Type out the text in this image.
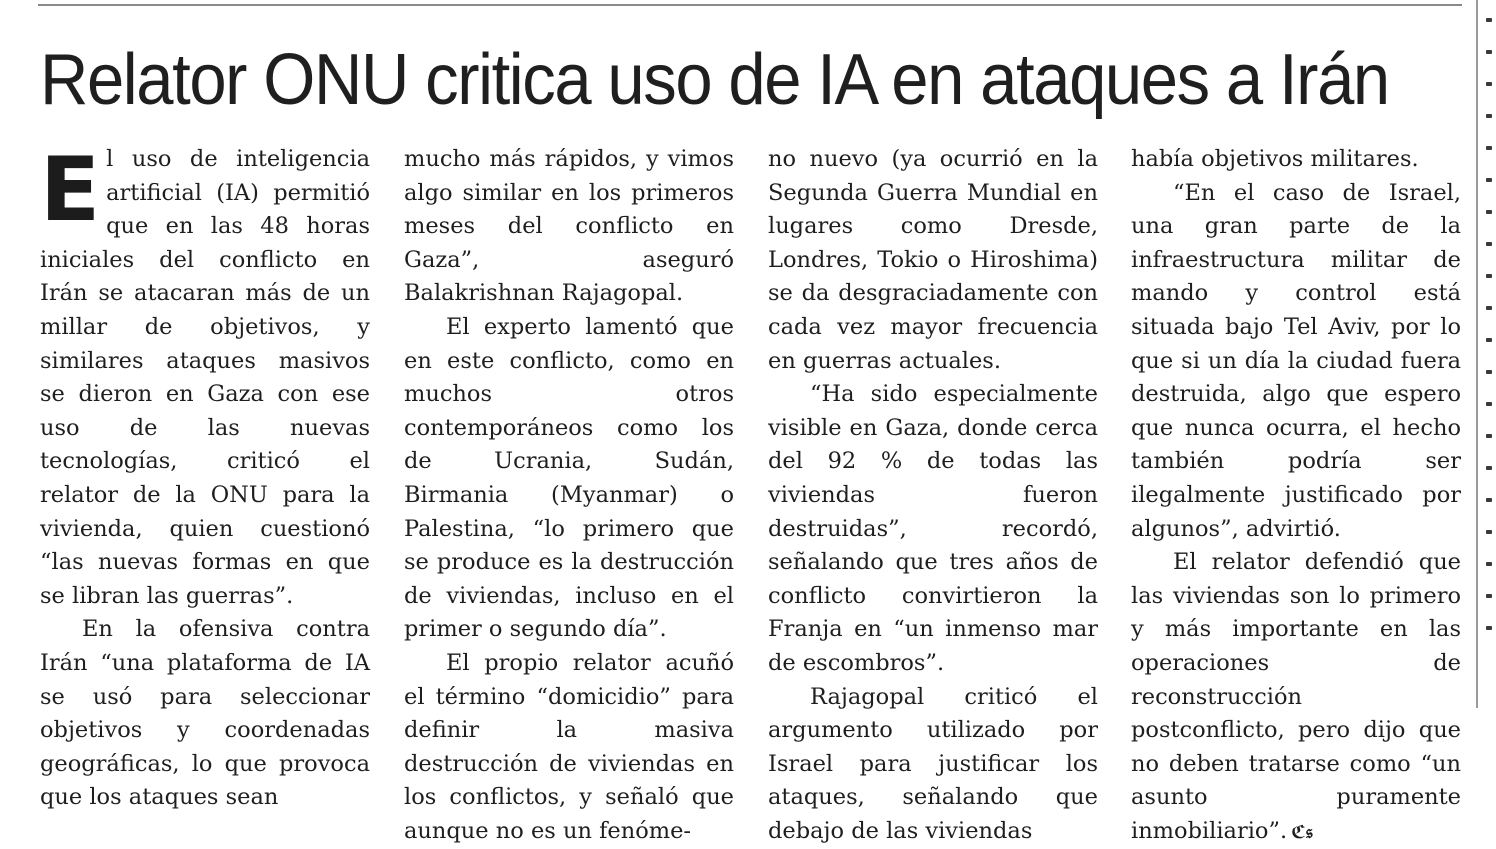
Relator ONU critica uso de IA en ataques a Irán

El uso de inteligencia artificial (IA) permitió que en las 48 horas iniciales del conflicto en Irán se atacaran más de un millar de objetivos, y similares ataques masivos se dieron en Gaza con ese uso de las nuevas tecnologías, criticó el relator de la ONU para la vivienda, quien cuestionó “las nuevas formas en que se libran las guerras”.

En la ofensiva contra Irán “una plataforma de IA se usó para seleccionar objetivos y coordenadas geográficas, lo que provoca que los ataques sean

mucho más rápidos, y vimos algo similar en los primeros meses del conflicto en Gaza”, aseguró Balakrishnan Rajagopal.

El experto lamentó que en este conflicto, como en muchos otros contemporáneos como los de Ucrania, Sudán, Birmania (Myanmar) o Palestina, “lo primero que se produce es la destrucción de viviendas, incluso en el primer o segundo día”.

El propio relator acuñó el término “domicidio” para definir la masiva destrucción de viviendas en los conflictos, y señaló que aunque no es un fenóme-

no nuevo (ya ocurrió en la Segunda Guerra Mundial en lugares como Dresde, Londres, Tokio o Hiroshima) se da desgraciadamente con cada vez mayor frecuencia en guerras actuales.

“Ha sido especialmente visible en Gaza, donde cerca del 92 % de todas las viviendas fueron destruidas”, recordó, señalando que tres años de conflicto convirtieron la Franja en “un inmenso mar de escombros”.

Rajagopal criticó el argumento utilizado por Israel para justificar los ataques, señalando que debajo de las viviendas

había objetivos militares.

“En el caso de Israel, una gran parte de la infraestructura militar de mando y control está situada bajo Tel Aviv, por lo que si un día la ciudad fuera destruida, algo que espero que nunca ocurra, el hecho también podría ser ilegalmente justificado por algunos”, advirtió.

El relator defendió que las viviendas son lo primero y más importante en las operaciones de reconstrucción postconflicto, pero dijo que no deben tratarse como “un asunto puramente inmobiliario”. ℭ𝔰
